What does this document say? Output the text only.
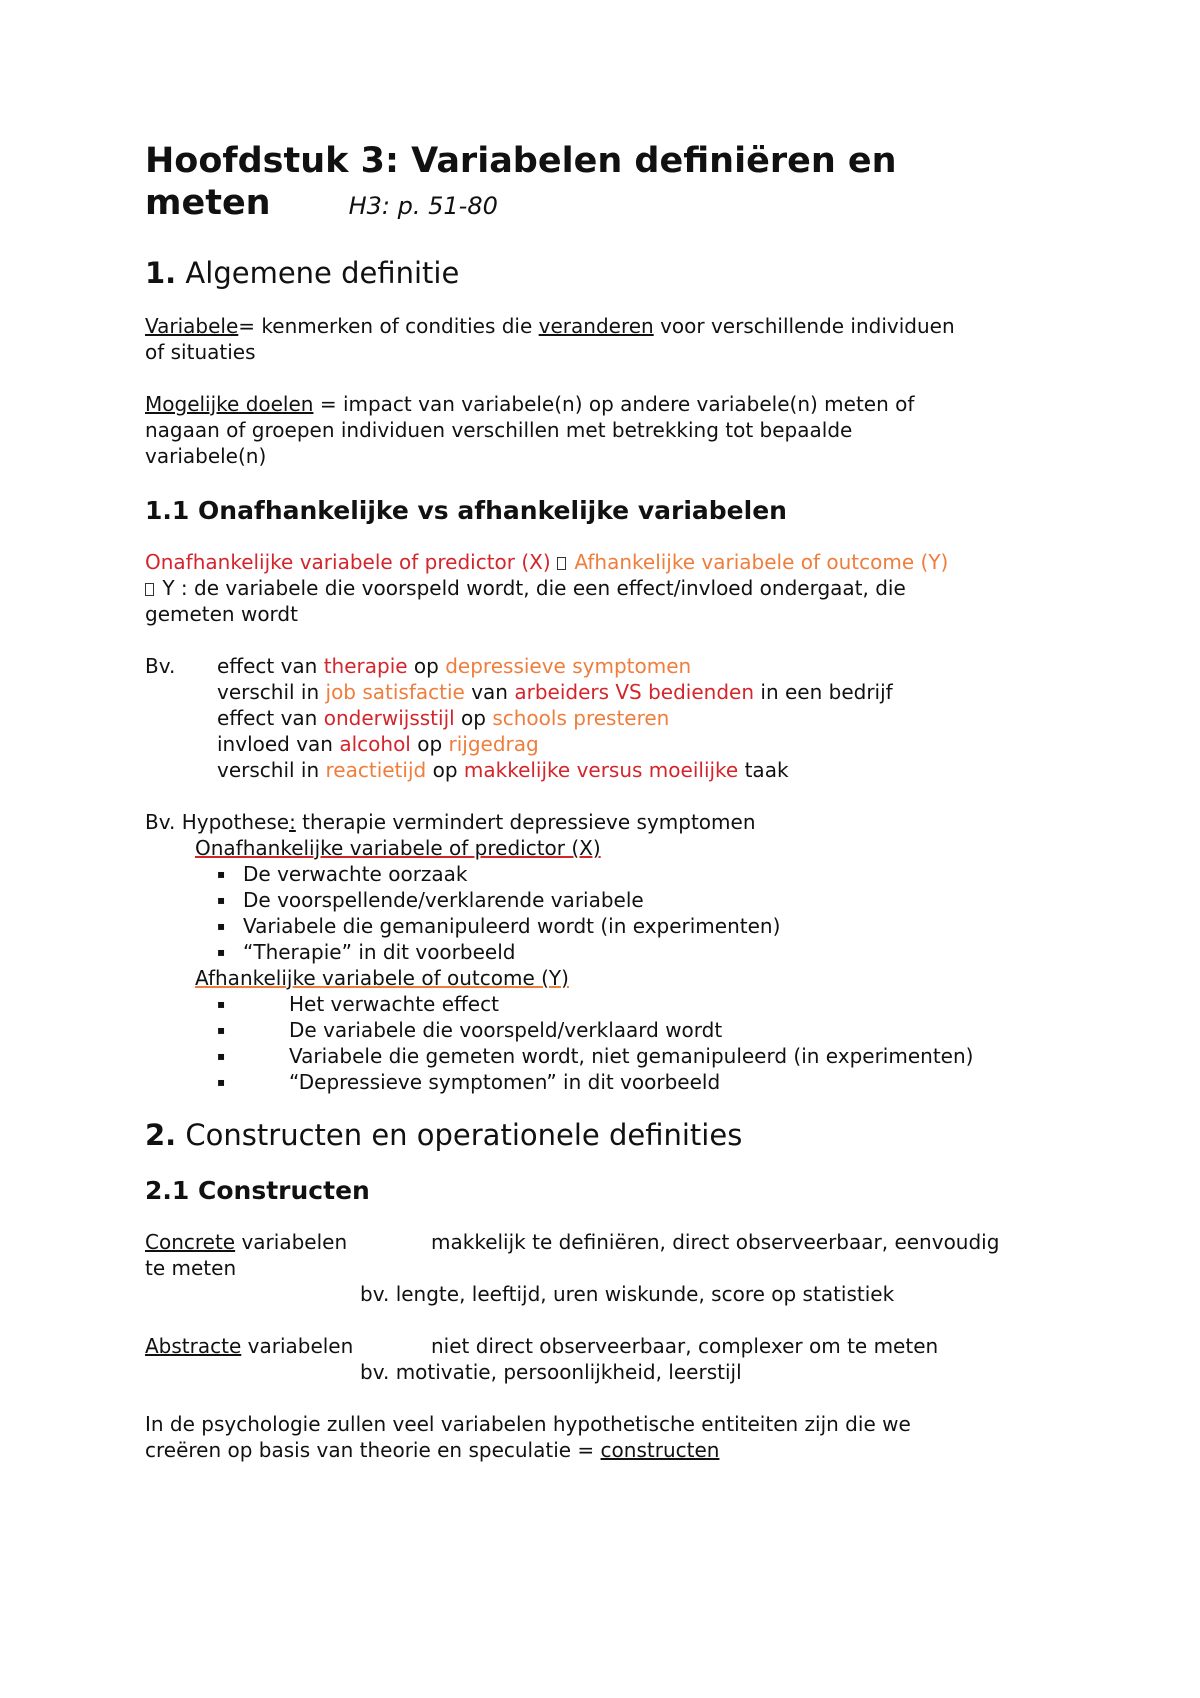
Hoofdstuk 3: Variabelen definiëren en
meten	H3: p. 51-80
1. Algemene definitie

Variabele= kenmerken of condities die veranderen voor verschillende individuen
of situaties

Mogelijke doelen = impact van variabele(n) op andere variabele(n) meten of
nagaan of groepen individuen verschillen met betrekking tot bepaalde
variabele(n)

1.1 Onafhankelijke vs afhankelijke variabelen

Onafhankelijke variabele of predictor (X) Afhankelijke variabele of outcome (Y)
Y : de variabele die voorspeld wordt, die een effect/invloed ondergaat, die
gemeten wordt

Bv. effect van therapie op depressieve symptomen
verschil in job satisfactie van arbeiders VS bedienden in een bedrijf
effect van onderwijsstijl op schools presteren
invloed van alcohol op rijgedrag
verschil in reactietijd op makkelijke versus moeilijke taak
Bv. Hypothese: therapie vermindert depressieve symptomen
Onafhankelijke variabele of predictor (X)
▪ De verwachte oorzaak
▪ De voorspellende/verklarende variabele
▪ Variabele die gemanipuleerd wordt (in experimenten)
▪ “Therapie” in dit voorbeeld
Afhankelijke variabele of outcome (Y)
▪	Het verwachte effect
▪	De variabele die voorspeld/verklaard wordt
▪	Variabele die gemeten wordt, niet gemanipuleerd (in experimenten)
▪	“Depressieve symptomen” in dit voorbeeld
2. Constructen en operationele definities
2.1 Constructen
Concrete variabelen	makkelijk te definiëren, direct observeerbaar, eenvoudig
te meten
bv. lengte, leeftijd, uren wiskunde, score op statistiek
Abstracte variabelen	niet direct observeerbaar, complexer om te meten
bv. motivatie, persoonlijkheid, leerstijl

In de psychologie zullen veel variabelen hypothetische entiteiten zijn die we
creëren op basis van theorie en speculatie = constructen
